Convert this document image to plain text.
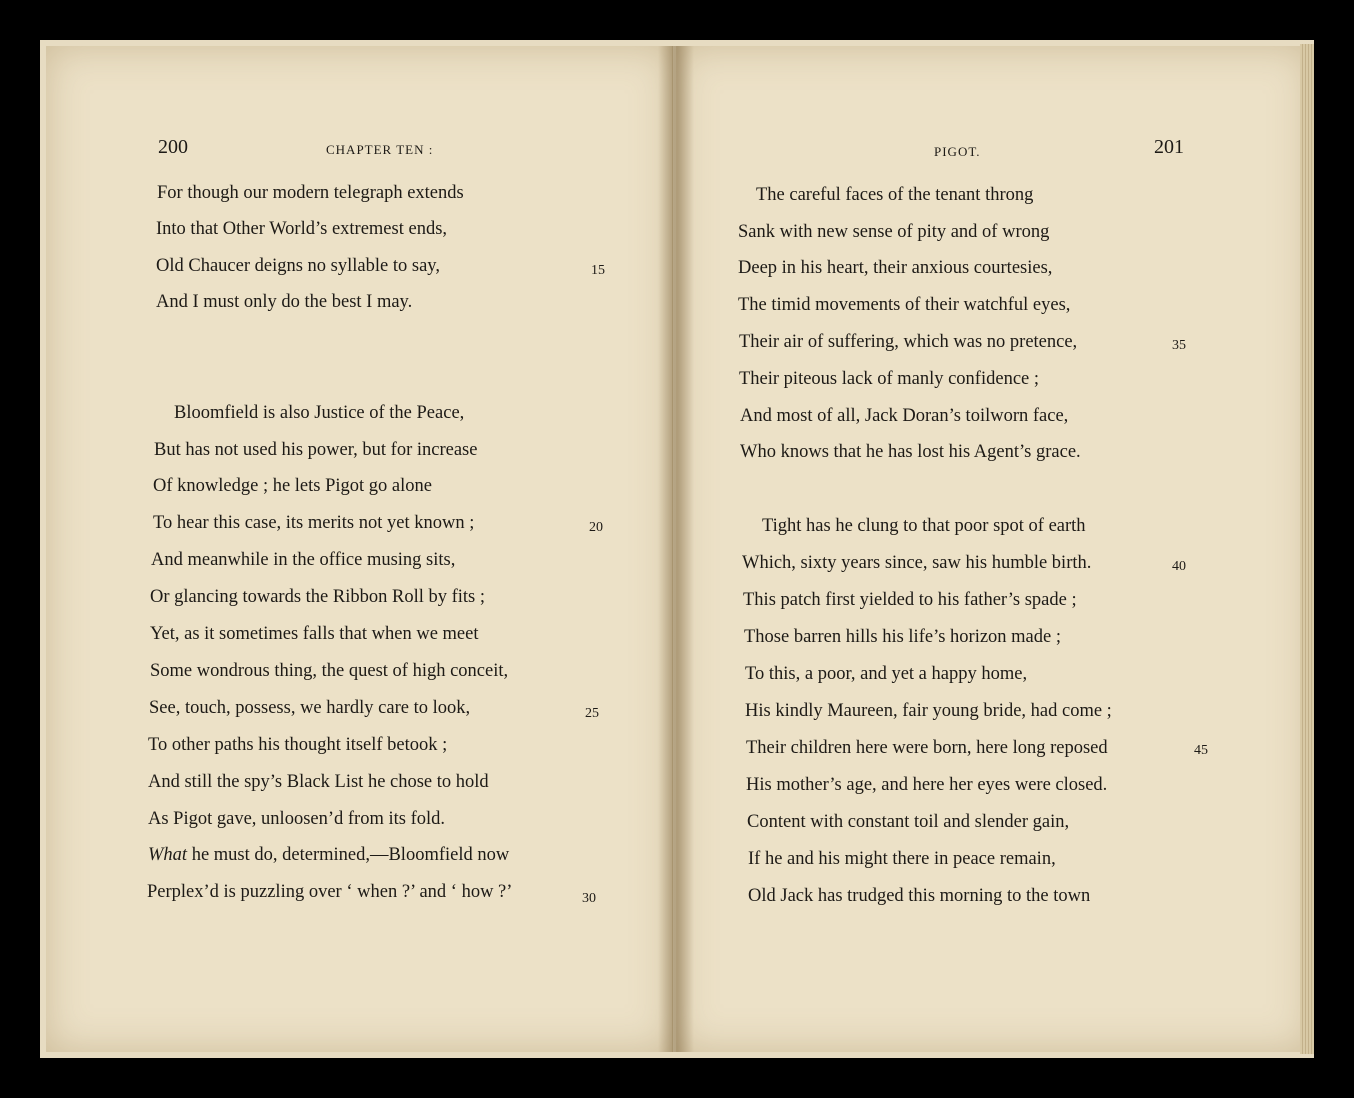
200	CHAPTER TEN :
For though our modern telegraph extends
Into that Other World’s extremest ends,
Old Chaucer deigns no syllable to say,	15
And I must only do the best I may.
Bloomfield is also Justice of the Peace,
But has not used his power, but for increase
Of knowledge ; he lets Pigot go alone
To hear this case, its merits not yet known ;	20
And meanwhile in the office musing sits,
Or glancing towards the Ribbon Roll by fits ;
Yet, as it sometimes falls that when we meet
Some wondrous thing, the quest of high conceit,
See, touch, possess, we hardly care to look,	25
To other paths his thought itself betook ;
And still the spy’s Black List he chose to hold
As Pigot gave, unloosen’d from its fold.
What he must do, determined,—Bloomfield now
Perplex’d is puzzling over ‘ when ?’ and ‘ how ?’	30
PIGOT.	201
The careful faces of the tenant throng
Sank with new sense of pity and of wrong
Deep in his heart, their anxious courtesies,
The timid movements of their watchful eyes,
Their air of suffering, which was no pretence,	35
Their piteous lack of manly confidence ;
And most of all, Jack Doran’s toilworn face,
Who knows that he has lost his Agent’s grace.
Tight has he clung to that poor spot of earth
Which, sixty years since, saw his humble birth.	40
This patch first yielded to his father’s spade ;
Those barren hills his life’s horizon made ;
To this, a poor, and yet a happy home,
His kindly Maureen, fair young bride, had come ;
Their children here were born, here long reposed	45
His mother’s age, and here her eyes were closed.
Content with constant toil and slender gain,
If he and his might there in peace remain,
Old Jack has trudged this morning to the town
